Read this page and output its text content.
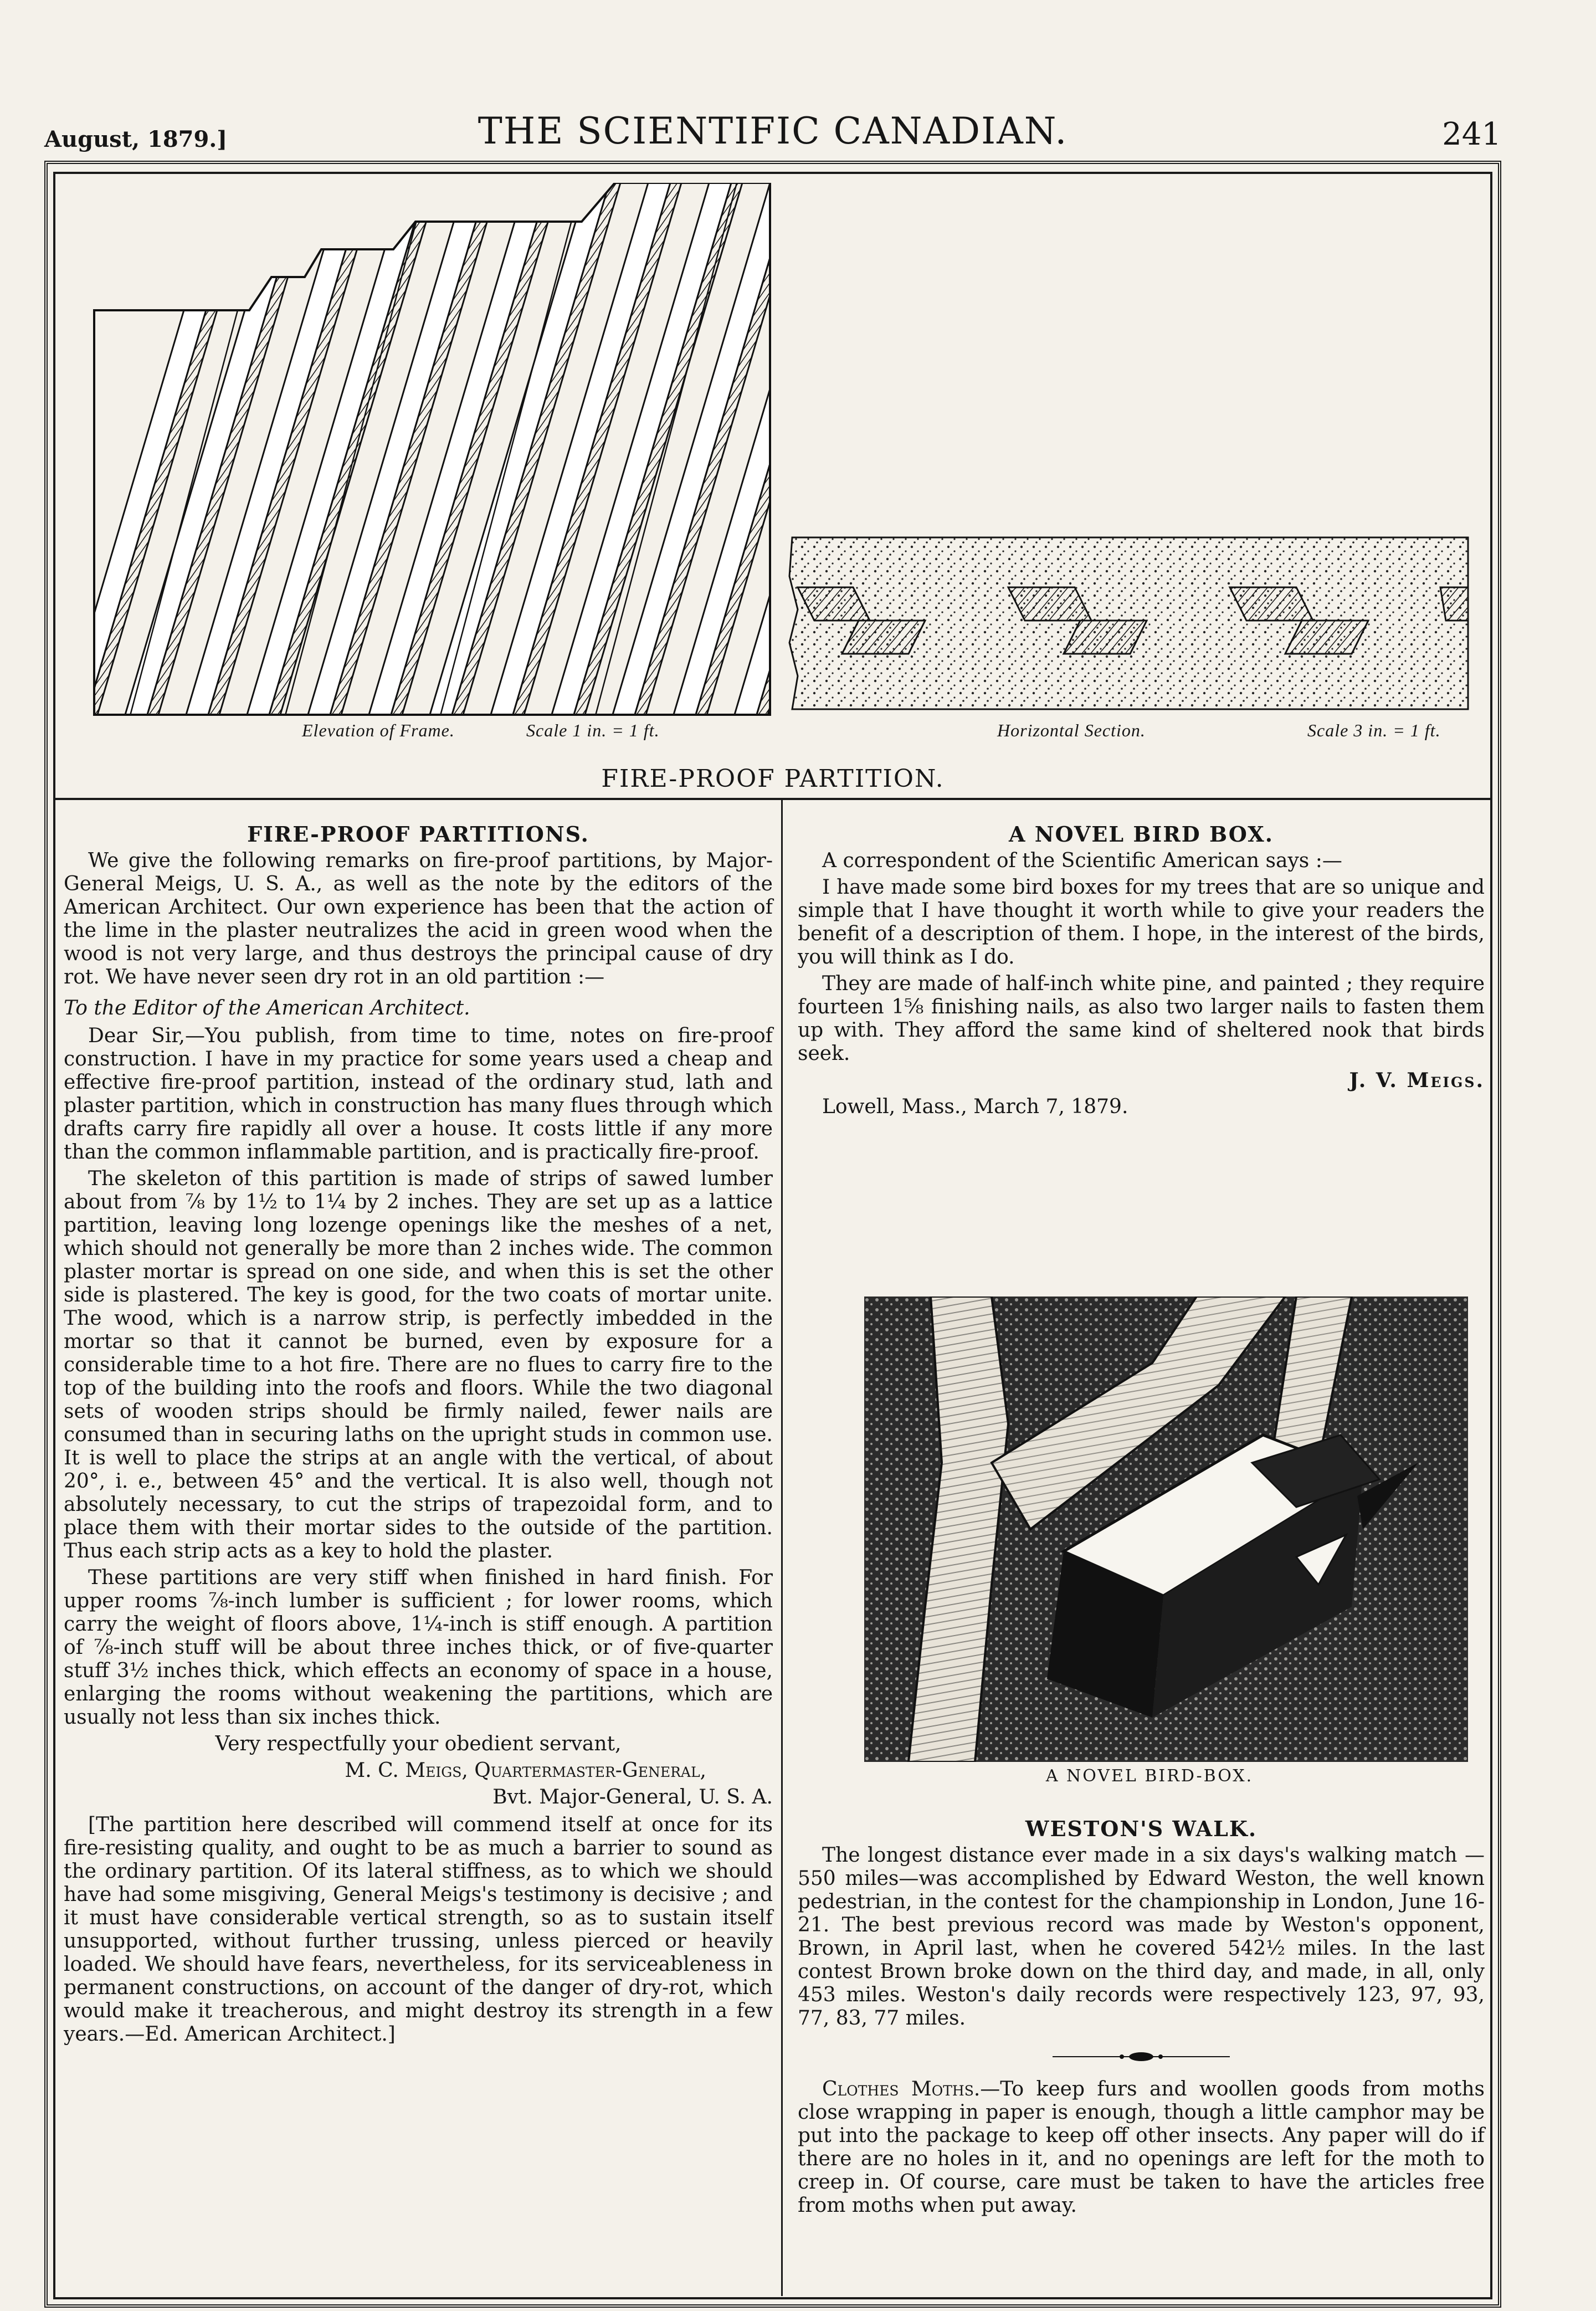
August, 1879.]	THE SCIENTIFIC CANADIAN.	241
Elevation of Frame.	Scale 1 in. = 1 ft.	Horizontal Section.	Scale 3 in. = 1 ft.
FIRE-PROOF PARTITION.

FIRE-PROOF PARTITIONS.

We give the following remarks on fire-proof partitions, by Major-General Meigs, U. S. A., as well as the note by the editors of the American Architect. Our own experience has been that the action of the lime in the plaster neutralizes the acid in green wood when the wood is not very large, and thus destroys the principal cause of dry rot. We have never seen dry rot in an old partition :—

To the Editor of the American Architect.

Dear Sir,—You publish, from time to time, notes on fire-proof construction. I have in my practice for some years used a cheap and effective fire-proof partition, instead of the ordinary stud, lath and plaster partition, which in construction has many flues through which drafts carry fire rapidly all over a house. It costs little if any more than the common inflammable partition, and is practically fire-proof.

The skeleton of this partition is made of strips of sawed lumber about from ⅞ by 1½ to 1¼ by 2 inches. They are set up as a lattice partition, leaving long lozenge openings like the meshes of a net, which should not generally be more than 2 inches wide. The common plaster mortar is spread on one side, and when this is set the other side is plastered. The key is good, for the two coats of mortar unite. The wood, which is a narrow strip, is perfectly imbedded in the mortar so that it cannot be burned, even by exposure for a considerable time to a hot fire. There are no flues to carry fire to the top of the building into the roofs and floors. While the two diagonal sets of wooden strips should be firmly nailed, fewer nails are consumed than in securing laths on the upright studs in common use. It is well to place the strips at an angle with the vertical, of about 20°, i. e., between 45° and the vertical. It is also well, though not absolutely necessary, to cut the strips of trapezoidal form, and to place them with their mortar sides to the outside of the partition. Thus each strip acts as a key to hold the plaster.

These partitions are very stiff when finished in hard finish. For upper rooms ⅞-inch lumber is sufficient ; for lower rooms, which carry the weight of floors above, 1¼-inch is stiff enough. A partition of ⅞-inch stuff will be about three inches thick, or of five-quarter stuff 3½ inches thick, which effects an economy of space in a house, enlarging the rooms without weakening the partitions, which are usually not less than six inches thick.

Very respectfully your obedient servant,

M. C. Meigs, Quartermaster-General,

Bvt. Major-General, U. S. A.

[The partition here described will commend itself at once for its fire-resisting quality, and ought to be as much a barrier to sound as the ordinary partition. Of its lateral stiffness, as to which we should have had some misgiving, General Meigs's testimony is decisive ; and it must have considerable vertical strength, so as to sustain itself unsupported, without further trussing, unless pierced or heavily loaded. We should have fears, nevertheless, for its serviceableness in permanent constructions, on account of the danger of dry-rot, which would make it treacherous, and might destroy its strength in a few years.—Ed. American Architect.]

A NOVEL BIRD BOX.

A correspondent of the Scientific American says :—

I have made some bird boxes for my trees that are so unique and simple that I have thought it worth while to give your readers the benefit of a description of them. I hope, in the interest of the birds, you will think as I do.

They are made of half-inch white pine, and painted ; they require fourteen 1⅝ finishing nails, as also two larger nails to fasten them up with. They afford the same kind of sheltered nook that birds seek.

J. V. Meigs.

Lowell, Mass., March 7, 1879.

A NOVEL BIRD-BOX.

WESTON'S WALK.

The longest distance ever made in a six days's walking match —550 miles—was accomplished by Edward Weston, the well known pedestrian, in the contest for the championship in London, June 16-21. The best previous record was made by Weston's opponent, Brown, in April last, when he covered 542½ miles. In the last contest Brown broke down on the third day, and made, in all, only 453 miles. Weston's daily records were respectively 123, 97, 93, 77, 83, 77 miles.

Clothes Moths.—To keep furs and woollen goods from moths close wrapping in paper is enough, though a little camphor may be put into the package to keep off other insects. Any paper will do if there are no holes in it, and no openings are left for the moth to creep in. Of course, care must be taken to have the articles free from moths when put away.
